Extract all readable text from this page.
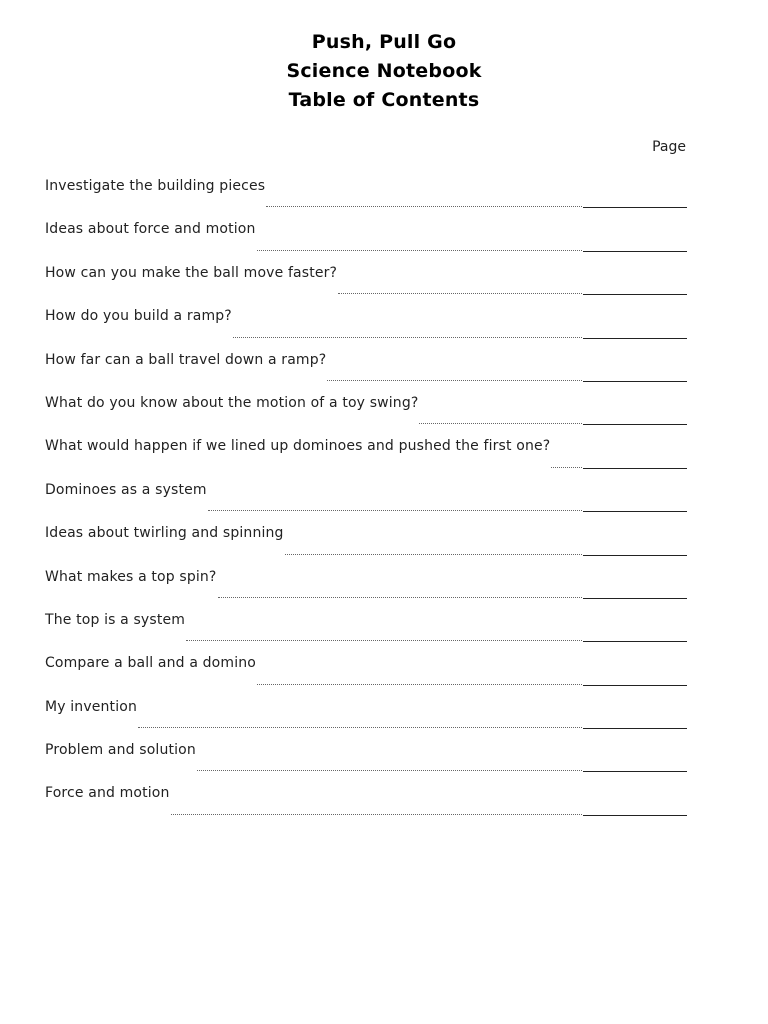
Push, Pull Go
Science Notebook
Table of Contents
Page
Investigate the building pieces
Ideas about force and motion
How can you make the ball move faster?
How do you build a ramp?
How far can a ball travel down a ramp?
What do you know about the motion of a toy swing?
What would happen if we lined up dominoes and pushed the first one?
Dominoes as a system
Ideas about twirling and spinning
What makes a top spin?
The top is a system
Compare a ball and a domino
My invention
Problem and solution
Force and motion
